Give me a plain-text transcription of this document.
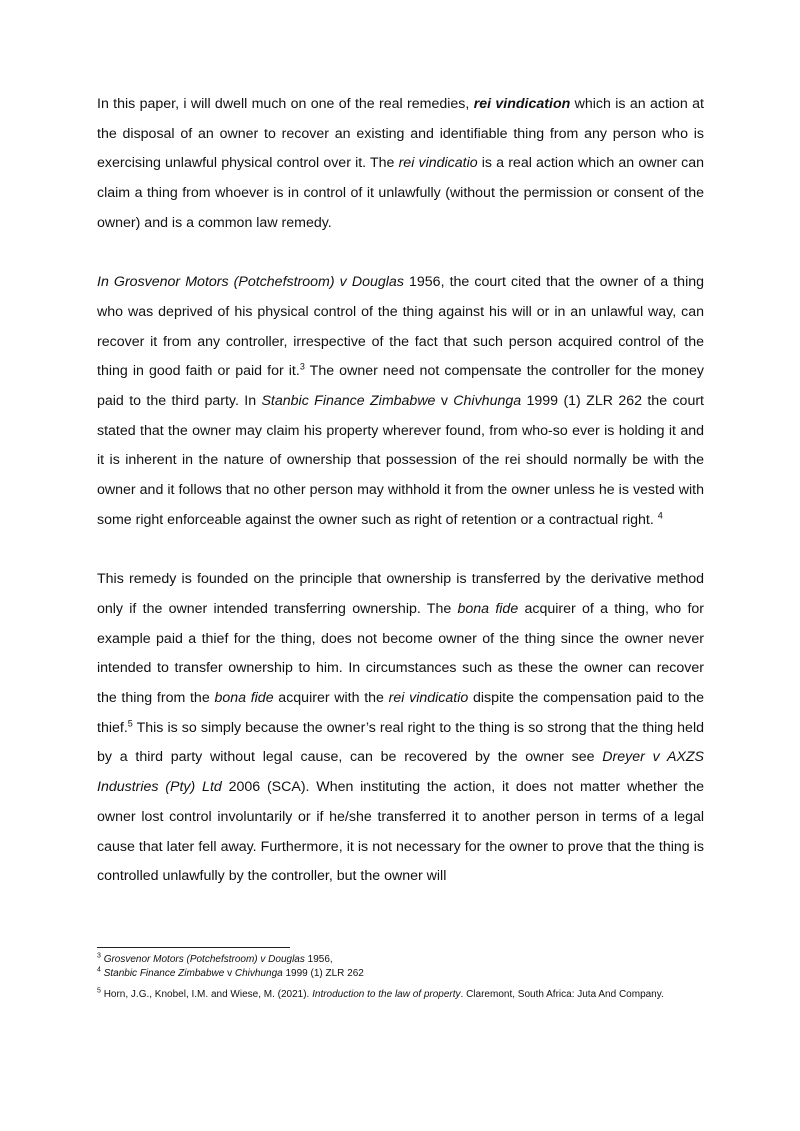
In this paper, i will dwell much on one of the real remedies, rei vindication which is an action at the disposal of an owner to recover an existing and identifiable thing from any person who is exercising unlawful physical control over it. The rei vindicatio is a real action which an owner can claim a thing from whoever is in control of it unlawfully (without the permission or consent of the owner) and is a common law remedy.

In Grosvenor Motors (Potchefstroom) v Douglas 1956, the court cited that the owner of a thing who was deprived of his physical control of the thing against his will or in an unlawful way, can recover it from any controller, irrespective of the fact that such person acquired control of the thing in good faith or paid for it.$^3$ The owner need not compensate the controller for the money paid to the third party. In Stanbic Finance Zimbabwe v Chivhunga 1999 (1) ZLR 262 the court stated that the owner may claim his property wherever found, from who-so ever is holding it and it is inherent in the nature of ownership that possession of the rei should normally be with the owner and it follows that no other person may withhold it from the owner unless he is vested with some right enforceable against the owner such as right of retention or a contractual right. $^4$

This remedy is founded on the principle that ownership is transferred by the derivative method only if the owner intended transferring ownership. The bona fide acquirer of a thing, who for example paid a thief for the thing, does not become owner of the thing since the owner never intended to transfer ownership to him. In circumstances such as these the owner can recover the thing from the bona fide acquirer with the rei vindicatio dispite the compensation paid to the thief.$^5$ This is so simply because the owner’s real right to the thing is so strong that the thing held by a third party without legal cause, can be recovered by the owner see Dreyer v AXZS Industries (Pty) Ltd 2006 (SCA). When instituting the action, it does not matter whether the owner lost control involuntarily or if he/she transferred it to another person in terms of a legal cause that later fell away. Furthermore, it is not necessary for the owner to prove that the thing is controlled unlawfully by the controller, but the owner will

$^3$ Grosvenor Motors (Potchefstroom) v Douglas 1956,

$^4$ Stanbic Finance Zimbabwe v Chivhunga 1999 (1) ZLR 262

$^5$ Horn, J.G., Knobel, I.M. and Wiese, M. (2021). Introduction to the law of property. Claremont, South Africa: Juta And Company.
